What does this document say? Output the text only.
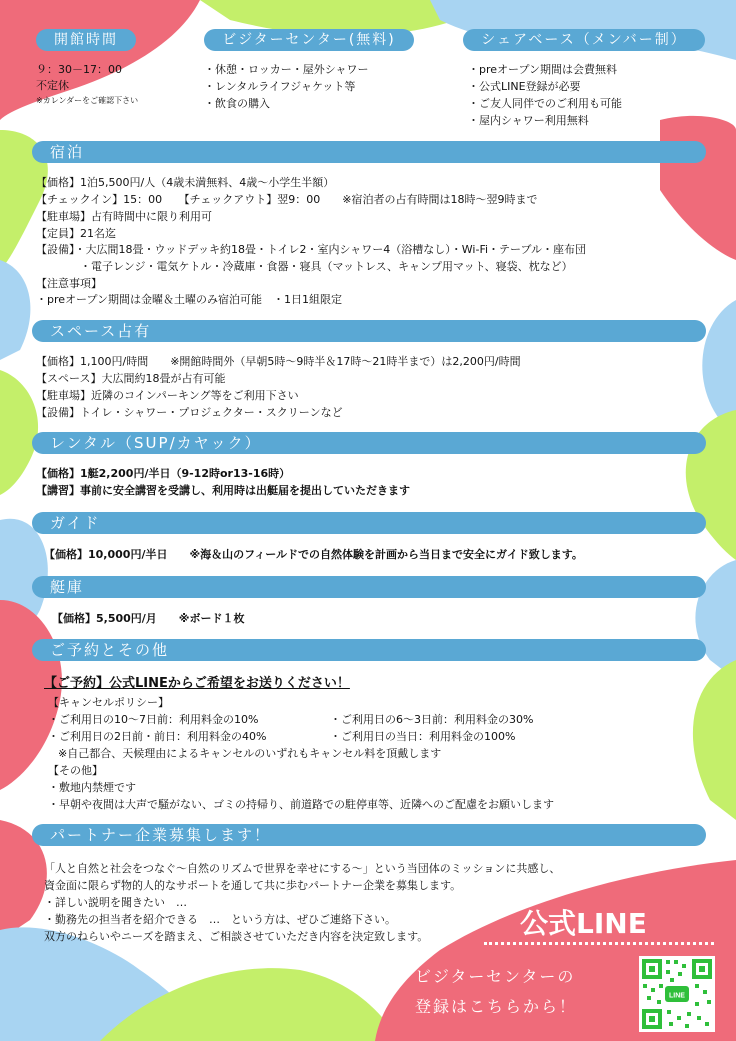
開館時間	ビジターセンター(無料)	シェアベース（メンバー制）
９：30－17：00
不定休
※カレンダーをご確認下さい
・休憩・ロッカー・屋外シャワー
・レンタルライフジャケット等
・飲食の購入
・preオープン期間は会費無料
・公式LINE登録が必要
・ご友人同伴でのご利用も可能
・屋内シャワー利用無料
宿泊
【価格】1泊5,500円/人（4歳未満無料、4歳～小学生半額）
【チェックイン】15：00　　【チェックアウト】翌9：00　　※宿泊者の占有時間は18時～翌9時まで
【駐車場】占有時間中に限り利用可
【定員】21名迄
【設備】・大広間18畳・ウッドデッキ約18畳・トイレ2・室内シャワー4（浴槽なし）・Wi-Fi・テーブル・座布団
　　　　・電子レンジ・電気ケトル・冷蔵庫・食器・寝具（マットレス、キャンプ用マット、寝袋、枕など）
【注意事項】
・preオープン期間は金曜＆土曜のみ宿泊可能　・1日1組限定
スペース占有
【価格】1,100円/時間　　※開館時間外（早朝5時～9時半＆17時～21時半まで）は2,200円/時間
【スペース】大広間約18畳が占有可能
【駐車場】近隣のコインパーキング等をご利用下さい
【設備】トイレ・シャワー・プロジェクター・スクリーンなど
レンタル（SUP/カヤック）
【価格】1艇2,200円/半日（9-12時or13-16時）
【講習】事前に安全講習を受講し、利用時は出艇届を提出していただきます
ガイド
【価格】10,000円/半日　　※海＆山のフィールドでの自然体験を計画から当日まで安全にガイド致します。
艇庫
【価格】5,500円/月　　※ボード１枚
ご予約とその他
【ご予約】公式LINEからご希望をお送りください！
【キャンセルポリシー】
・ご利用日の10～7日前：利用料金の10%	・ご利用日の6～3日前：利用料金の30%
・ご利用日の2日前・前日：利用料金の40%	・ご利用日の当日：利用料金の100%
※自己都合、天候理由によるキャンセルのいずれもキャンセル料を頂戴します
【その他】
・敷地内禁煙です
・早朝や夜間は大声で騒がない、ゴミの持帰り、前道路での駐停車等、近隣へのご配慮をお願いします
パートナー企業募集します！
「人と自然と社会をつなぐ～自然のリズムで世界を幸せにする～」という当団体のミッションに共感し、
資金面に限らず物的人的なサポートを通して共に歩むパートナー企業を募集します。
・詳しい説明を聞きたい　…
・勤務先の担当者を紹介できる　…　という方は、ぜひご連絡下さい。
双方のねらいやニーズを踏まえ、ご相談させていただき内容を決定致します。	公式LINE
ビジターセンターの
登録はこちらから！
LINE
